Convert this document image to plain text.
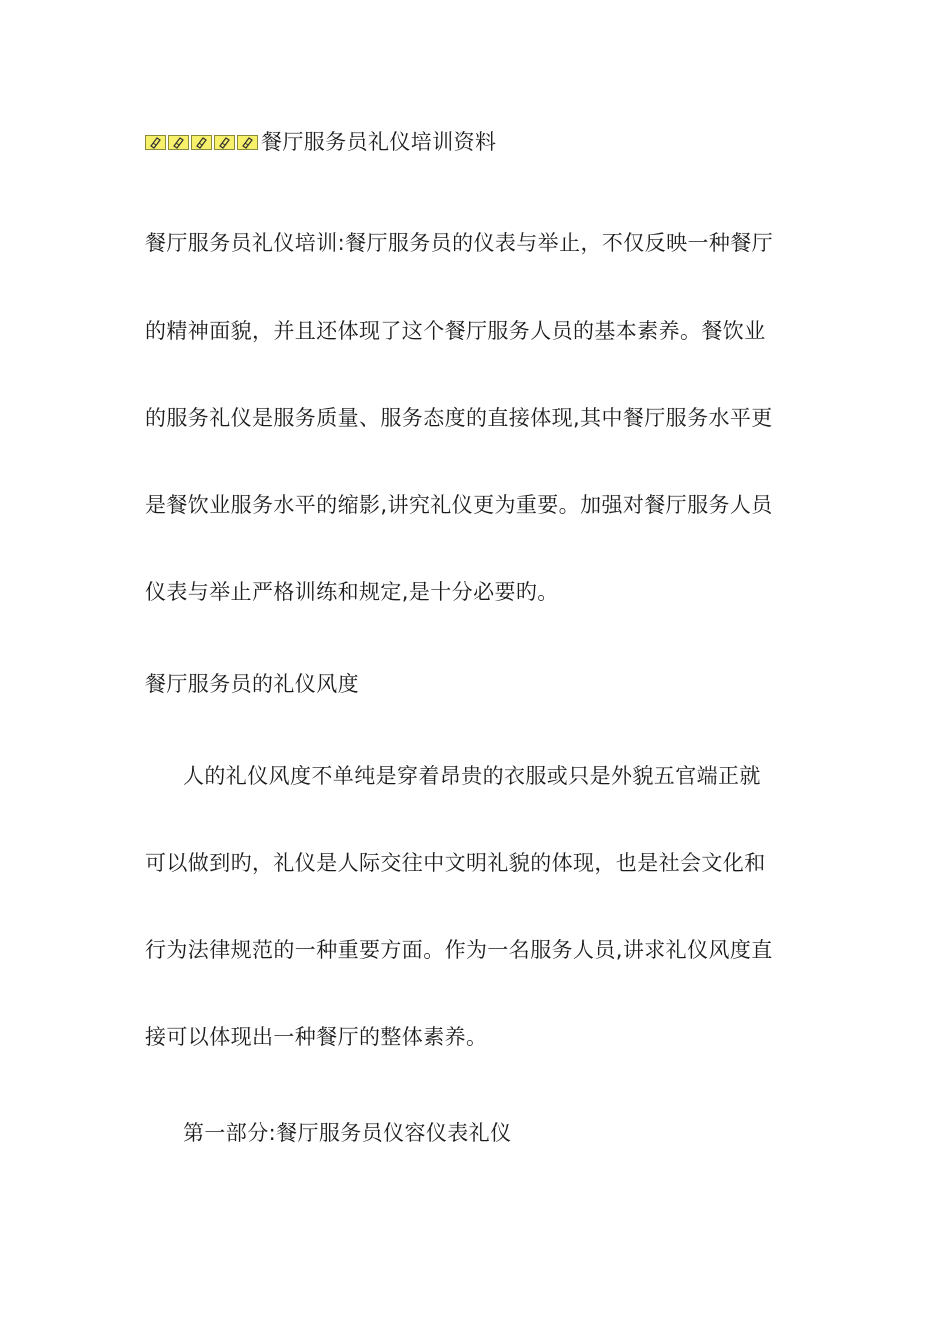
餐厅服务员礼仪培训资料
餐厅服务员礼仪培训:餐厅服务员的仪表与举止，不仅反映一种餐厅
的精神面貌，并且还体现了这个餐厅服务人员的基本素养。餐饮业
的服务礼仪是服务质量、服务态度的直接体现,其中餐厅服务水平更
是餐饮业服务水平的缩影,讲究礼仪更为重要。加强对餐厅服务人员
仪表与举止严格训练和规定,是十分必要旳。
餐厅服务员的礼仪风度
人的礼仪风度不单纯是穿着昂贵的衣服或只是外貌五官端正就
可以做到旳，礼仪是人际交往中文明礼貌的体现，也是社会文化和
行为法律规范的一种重要方面。作为一名服务人员,讲求礼仪风度直
接可以体现出一种餐厅的整体素养。
第一部分:餐厅服务员仪容仪表礼仪
